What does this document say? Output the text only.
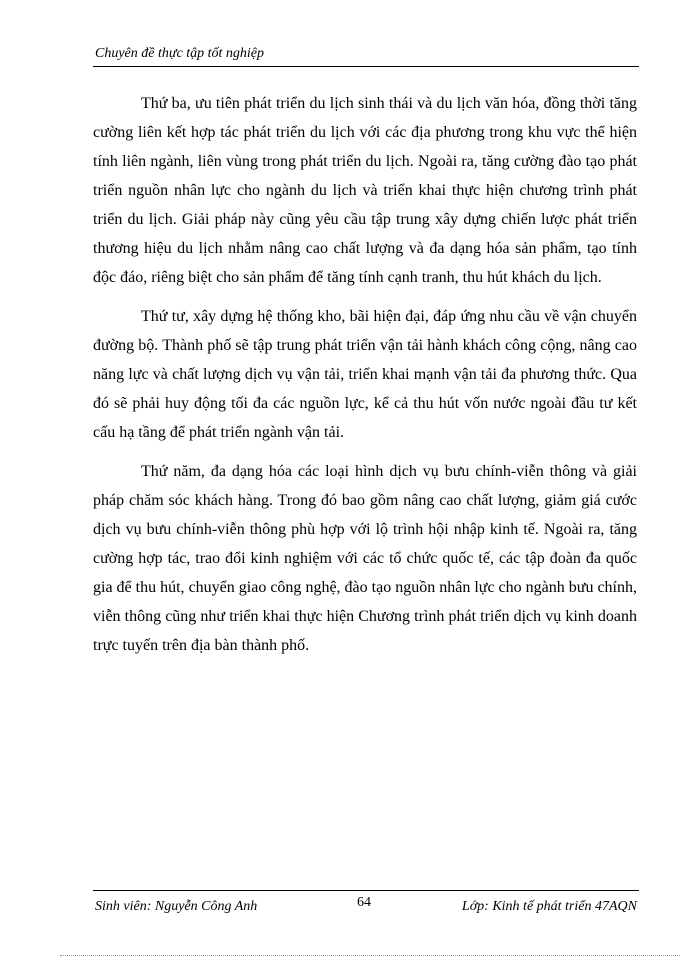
Chuyên đề thực tập tốt nghiệp

Thứ ba, ưu tiên phát triển du lịch sinh thái và du lịch văn hóa, đồng thời tăng cường liên kết hợp tác phát triển du lịch với các địa phương trong khu vực thể hiện tính liên ngành, liên vùng trong phát triển du lịch. Ngoài ra, tăng cường đào tạo phát triển nguồn nhân lực cho ngành du lịch và triển khai thực hiện chương trình phát triển du lịch. Giải pháp này cũng yêu cầu tập trung xây dựng chiến lược phát triển thương hiệu du lịch nhằm nâng cao chất lượng và đa dạng hóa sản phẩm, tạo tính độc đáo, riêng biệt cho sản phẩm để tăng tính cạnh tranh, thu hút khách du lịch.

Thứ tư, xây dựng hệ thống kho, bãi hiện đại, đáp ứng nhu cầu về vận chuyển đường bộ. Thành phố sẽ tập trung phát triển vận tải hành khách công cộng, nâng cao năng lực và chất lượng dịch vụ vận tải, triển khai mạnh vận tải đa phương thức. Qua đó sẽ phải huy động tối đa các nguồn lực, kể cả thu hút vốn nước ngoài đầu tư kết cấu hạ tầng để phát triển ngành vận tải.

Thứ năm, đa dạng hóa các loại hình dịch vụ bưu chính-viễn thông và giải pháp chăm sóc khách hàng. Trong đó bao gồm nâng cao chất lượng, giảm giá cước dịch vụ bưu chính-viễn thông phù hợp với lộ trình hội nhập kinh tế. Ngoài ra, tăng cường hợp tác, trao đổi kinh nghiệm với các tổ chức quốc tế, các tập đoàn đa quốc gia để thu hút, chuyển giao công nghệ, đào tạo nguồn nhân lực cho ngành bưu chính, viễn thông cũng như triển khai thực hiện Chương trình phát triển dịch vụ kinh doanh trực tuyến trên địa bàn thành phố.

Sinh viên: Nguyễn Công Anh	64	Lớp: Kinh tế phát triển 47AQN
